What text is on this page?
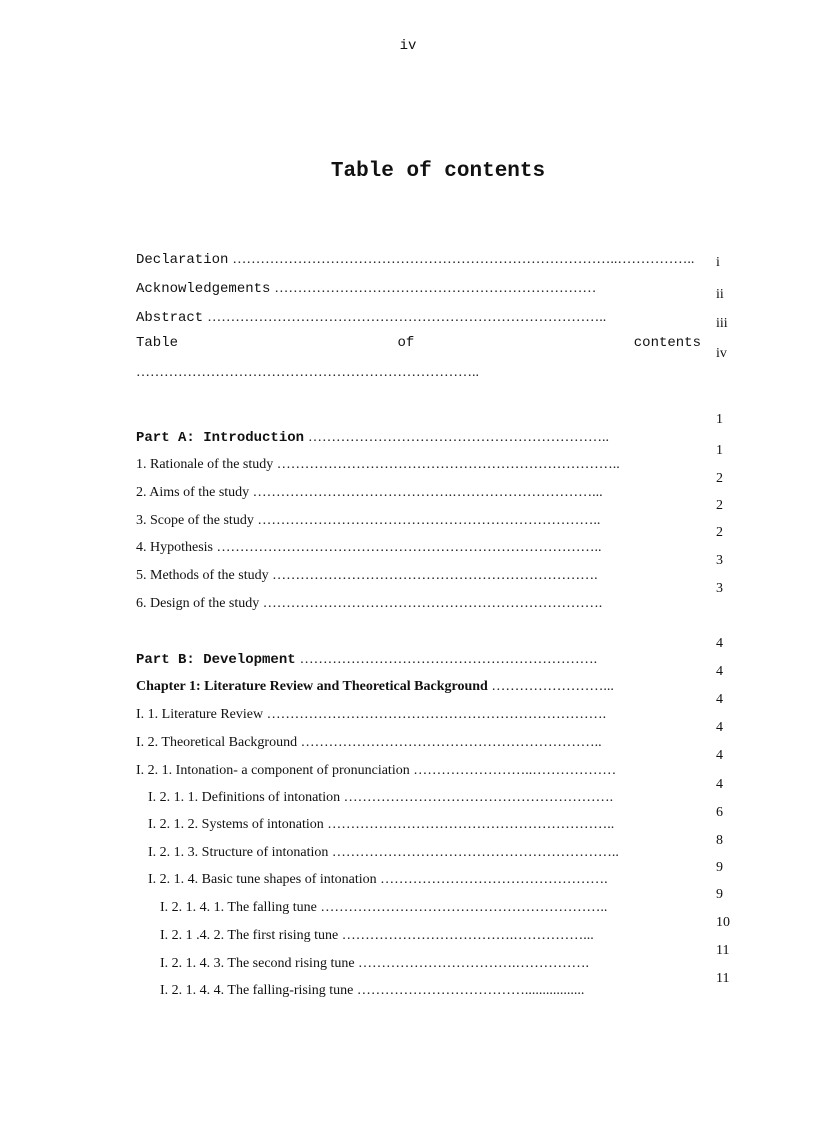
iv
Table of contents
Declaration ………………………………………………………………………..……………..
Acknowledgements ……………………………………………………………
Abstract …………………………………………………………………………..
Table	of	contents
………………………………………………………………..
Part A: Introduction ………………………………………………………..
1. Rationale of the study ………………………………………………………………..
2. Aims of the study …………………………………….…………………………...
3. Scope of the study ………………………………………………………………..
4. Hypothesis ………………………………………………………………………..
5. Methods of the study …………………………………………………………….
6. Design of the study ……………………………………………………………….
Part B: Development ……………………………………………………….
Chapter 1: Literature Review and Theoretical Background ……………………...
I. 1. Literature Review ……………………………………………………………….
I. 2. Theoretical Background ………………………………………………………..
I. 2. 1. Intonation- a component of pronunciation ……………………..………………
I. 2. 1. 1. Definitions of intonation ………………………………………………….
I. 2. 1. 2. Systems of intonation ……………………………………………………..
I. 2. 1. 3. Structure of intonation ……………………………………………………..
I. 2. 1. 4. Basic tune shapes of intonation ………………………………………….
I. 2. 1. 4. 1. The falling tune ……………………………………………………..
I. 2. 1 .4. 2. The first rising tune ……………………………….……………...
I. 2. 1. 4. 3. The second rising tune …………………………….…………….
I. 2. 1. 4. 4. The falling-rising tune ……………………………….................
i
ii
iii
iv
1
1
2
2
2
3
3
4
4
4
4
4
4
6
8
9
9
10
11
11
